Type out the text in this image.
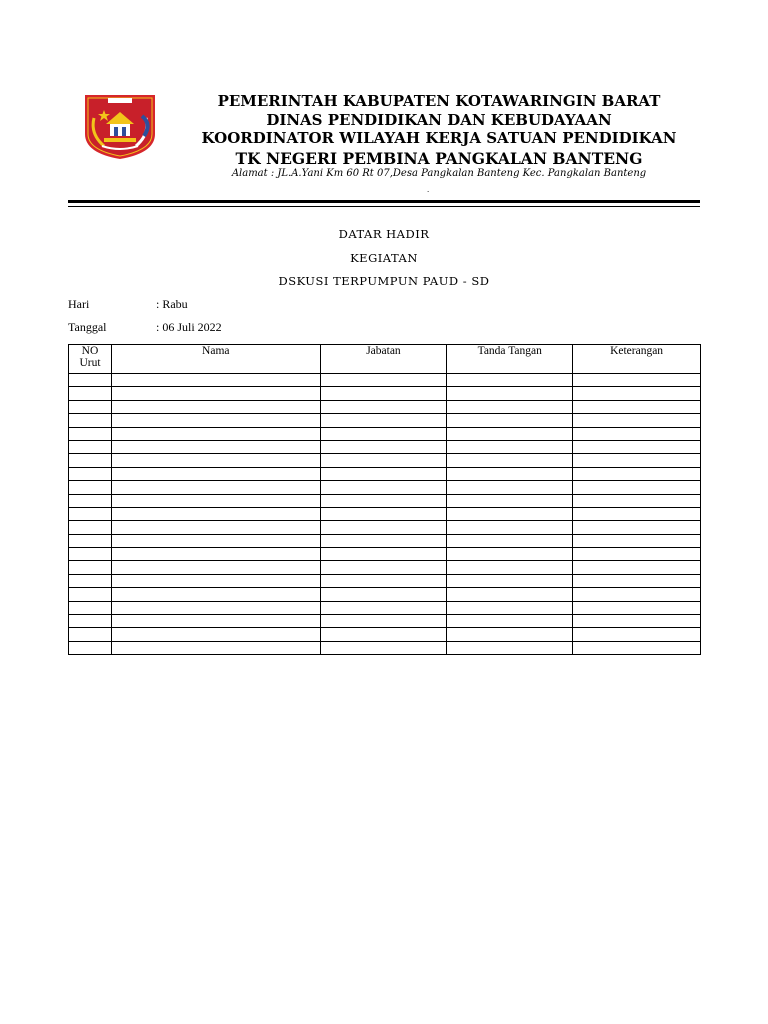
PEMERINTAH KABUPATEN KOTAWARINGIN BARAT
DINAS PENDIDIKAN DAN KEBUDAYAAN
KOORDINATOR WILAYAH KERJA SATUAN PENDIDIKAN
TK NEGERI PEMBINA PANGKALAN BANTENG
Alamat : JL.A.Yani Km 60 Rt 07,Desa Pangkalan Banteng Kec. Pangkalan Banteng
.
DATAR HADIR
KEGIATAN
DSKUSI TERPUMPUN PAUD - SD
Hari	: Rabu
Tanggal	: 06 Juli 2022
NO Urut	Nama	Jabatan	Tanda Tangan	Keterangan
